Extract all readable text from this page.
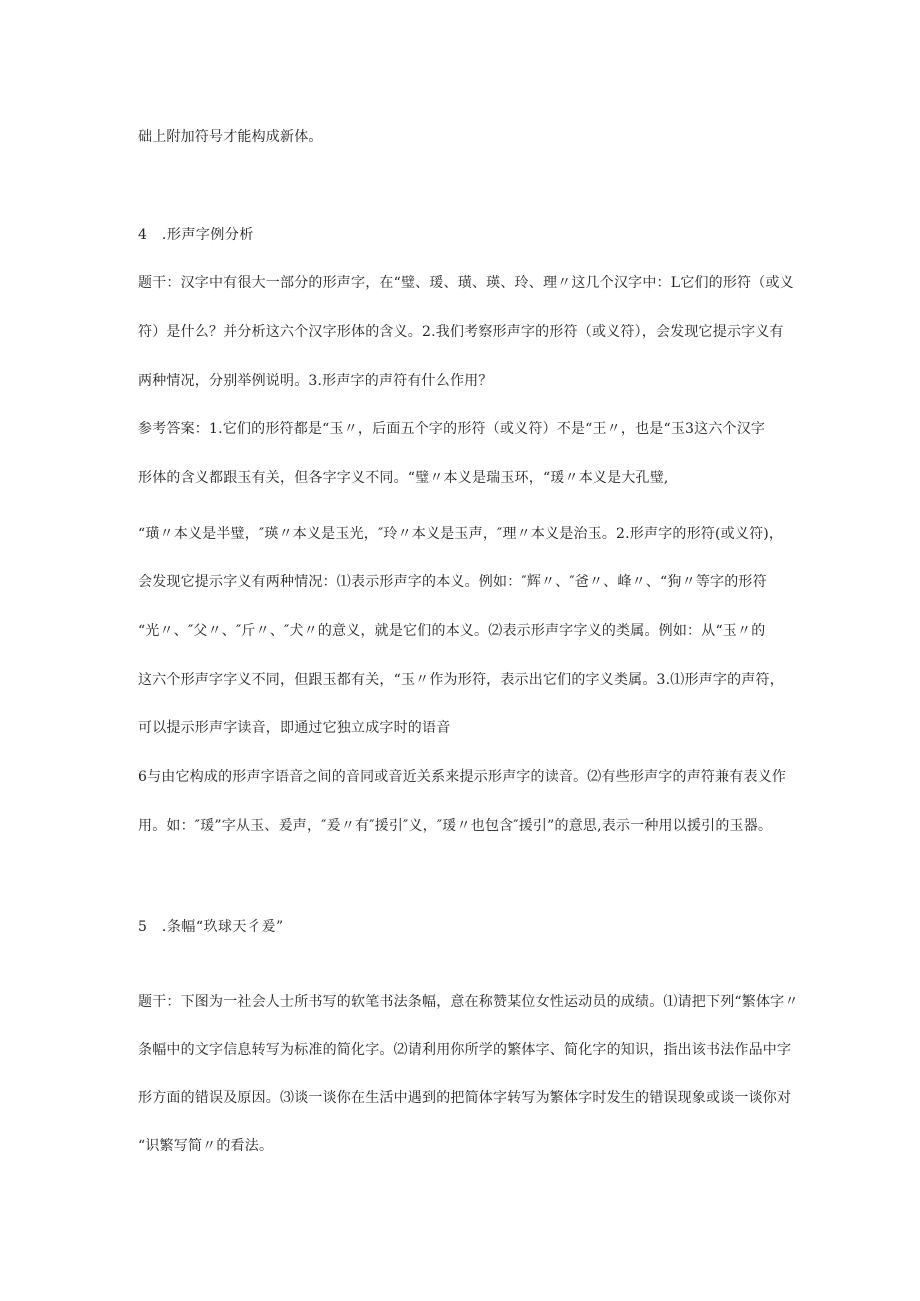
础上附加符号才能构成新体。
4　.形声字例分析
题干：汉字中有很大一部分的形声字，在“璧、瑗、璜、瑛、玲、理〃这几个汉字中：L它们的形符（或义
符）是什么？并分析这六个汉字形体的含义。2.我们考察形声字的形符（或义符），会发现它提示字义有
两种情况，分别举例说明。3.形声字的声符有什么作用？
参考答案：1.它们的形符都是“玉〃，后面五个字的形符（或义符）不是“王〃，也是“玉3这六个汉字
形体的含义都跟玉有关，但各字字义不同。“璧〃本义是瑞玉环，“瑗〃本义是大孔璧,
“璜〃本义是半璧，″瑛〃本义是玉光，″玲〃本义是玉声，″理〃本义是治玉。2.形声字的形符(或义符)，
会发现它提示字义有两种情况：⑴表示形声字的本义。例如：″辉〃、″爸〃、峰〃、“狗〃等字的形符
“光〃、″父〃、″斤〃、″犬〃的意义，就是它们的本义。⑵表示形声字字义的类属。例如：从“玉〃的
这六个形声字字义不同，但跟玉都有关，“玉〃作为形符，表示出它们的字义类属。3.⑴形声字的声符，
可以提示形声字读音，即通过它独立成字时的语音
6与由它构成的形声字语音之间的音同或音近关系来提示形声字的读音。⑵有些形声字的声符兼有表义作
用。如：″瑗”字从玉、爰声，″爰〃有″援引″义，″瑗〃也包含″援引”的意思,表示一种用以援引的玉器。
5　.条幅“玖球天彳爰”
题干：下图为一社会人士所书写的软笔书法条幅，意在称赞某位女性运动员的成绩。⑴请把下列“繁体字〃
条幅中的文字信息转写为标准的简化字。⑵请利用你所学的繁体字、简化字的知识，指出该书法作品中字
形方面的错误及原因。⑶谈一谈你在生活中遇到的把简体字转写为繁体字时发生的错误现象或谈一谈你对
“识繁写简〃的看法。
